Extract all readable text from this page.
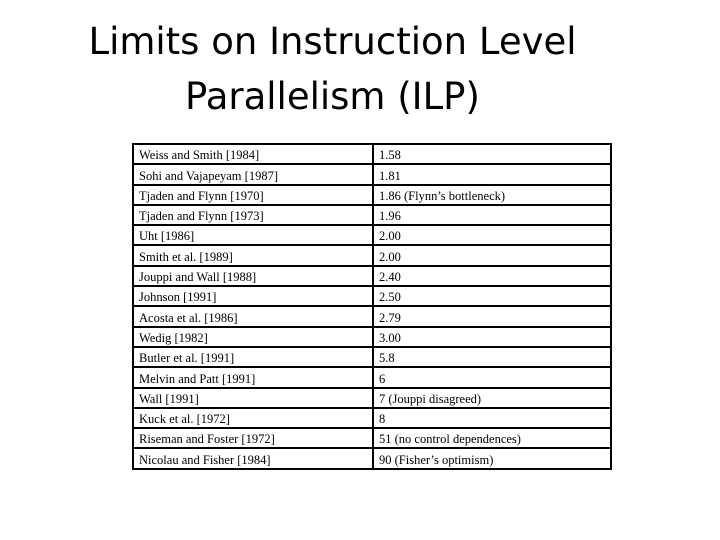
Limits on Instruction Level
Parallelism (ILP)
Weiss and Smith [1984]	1.58
Sohi and Vajapeyam [1987]	1.81
Tjaden and Flynn [1970]	1.86 (Flynn’s bottleneck)
Tjaden and Flynn [1973]	1.96
Uht [1986]	2.00
Smith et al. [1989]	2.00
Jouppi and Wall [1988]	2.40
Johnson [1991]	2.50
Acosta et al. [1986]	2.79
Wedig [1982]	3.00
Butler et al. [1991]	5.8
Melvin and Patt [1991]	6
Wall [1991]	7 (Jouppi disagreed)
Kuck et al. [1972]	8
Riseman and Foster [1972]	51 (no control dependences)
Nicolau and Fisher [1984]	90 (Fisher’s optimism)
